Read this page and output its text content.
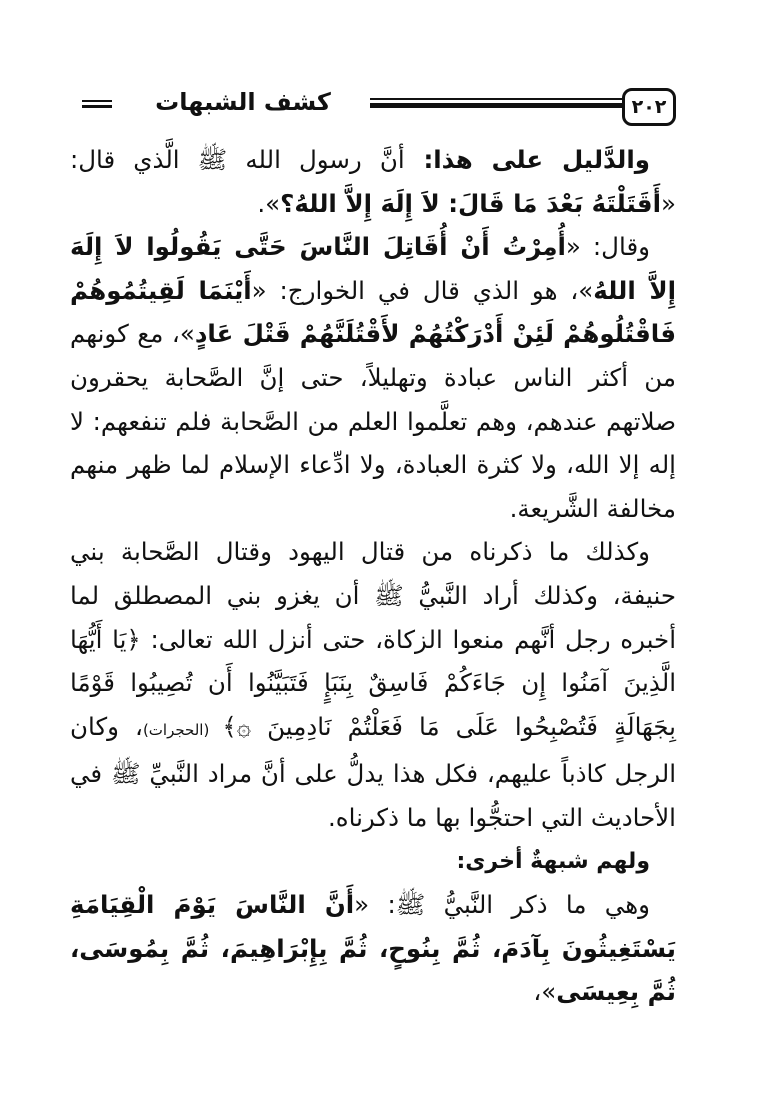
٢٠٢
كشف الشبهات

والدَّليل على هذا: أنَّ رسول الله ﷺ الَّذي قال: «أَقَتَلْتَهُ بَعْدَ مَا قَالَ: لاَ إِلَهَ إِلاَّ اللهُ؟».

وقال: «أُمِرْتُ أَنْ أُقَاتِلَ النَّاسَ حَتَّى يَقُولُوا لاَ إِلَهَ إِلاَّ اللهُ»، هو الذي قال في الخوارج: «أَيْنَمَا لَقِيتُمُوهُمْ فَاقْتُلُوهُمْ لَئِنْ أَدْرَكْتُهُمْ لأَقْتُلَنَّهُمْ قَتْلَ عَادٍ»، مع كونهم من أكثر الناس عبادة وتهليلاً، حتى إنَّ الصَّحابة يحقرون صلاتهم عندهم، وهم تعلَّموا العلم من الصَّحابة فلم تنفعهم: لا إله إلا الله، ولا كثرة العبادة، ولا ادِّعاء الإسلام لما ظهر منهم مخالفة الشَّريعة.

وكذلك ما ذكرناه من قتال اليهود وقتال الصَّحابة بني حنيفة، وكذلك أراد النَّبيُّ ﷺ أن يغزو بني المصطلق لما أخبره رجل أنَّهم منعوا الزكاة، حتى أنزل الله تعالى: ﴿يَا أَيُّهَا الَّذِينَ آمَنُوا إِن جَاءَكُمْ فَاسِقٌ بِنَبَإٍ فَتَبَيَّنُوا أَن تُصِيبُوا قَوْمًا بِجَهَالَةٍ فَتُصْبِحُوا عَلَى مَا فَعَلْتُمْ نَادِمِينَ ۞﴾ (الحجرات)، وكان الرجل كاذباً عليهم، فكل هذا يدلُّ على أنَّ مراد النَّبيِّ ﷺ في الأحاديث التي احتجُّوا بها ما ذكرناه.

ولهم شبهةٌ أخرى:

وهي ما ذكر النَّبيُّ ﷺ: «أَنَّ النَّاسَ يَوْمَ الْقِيَامَةِ يَسْتَغِيثُونَ بِآدَمَ، ثُمَّ بِنُوحٍ، ثُمَّ بِإِبْرَاهِيمَ، ثُمَّ بِمُوسَى، ثُمَّ بِعِيسَى»،
